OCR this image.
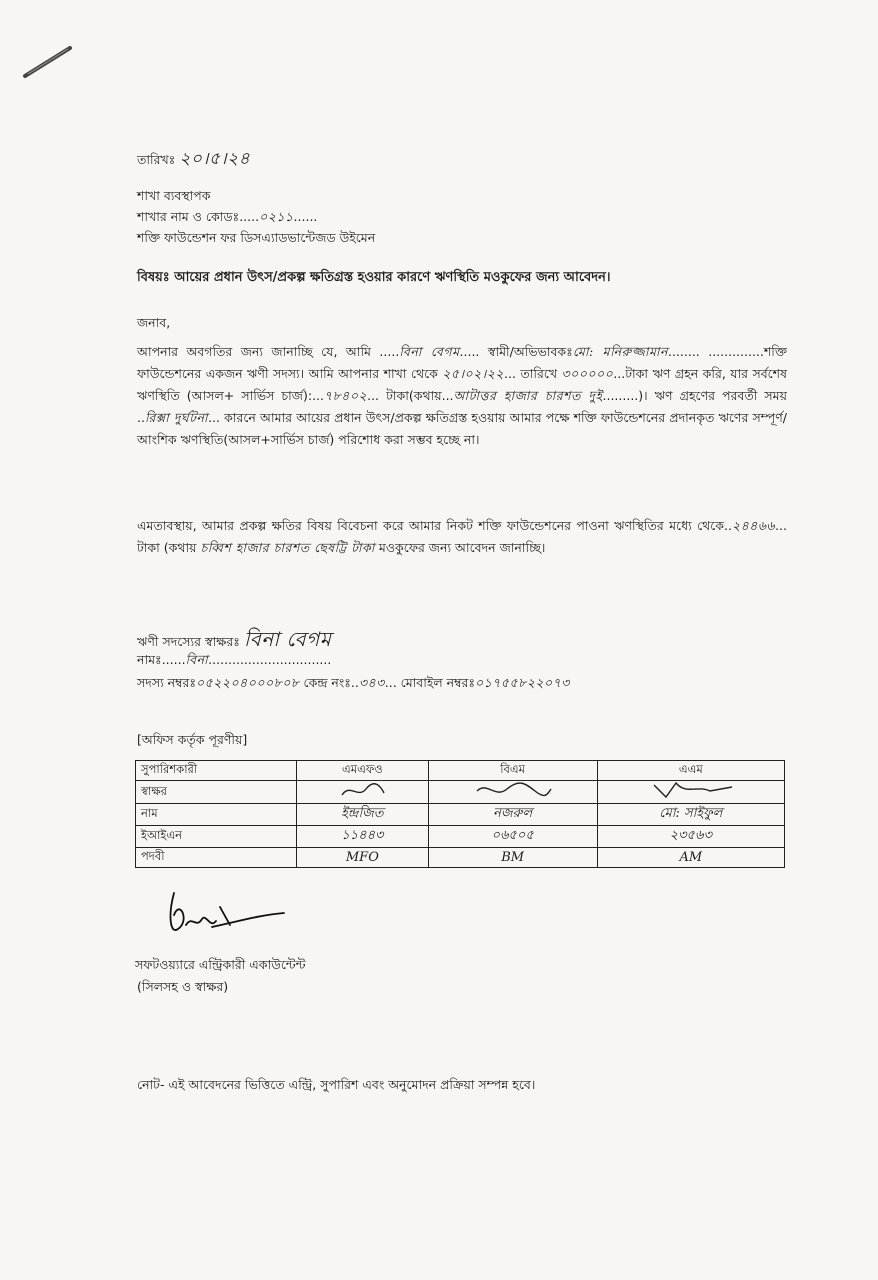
তারিখঃ ২০।৫।২৪
শাখা ব্যবস্থাপক
শাখার নাম ও কোডঃ.....০২১১......
শক্তি ফাউন্ডেশন ফর ডিসএ্যাডভান্টেজড উইমেন
বিষয়ঃ আয়ের প্রধান উৎস/প্রকল্প ক্ষতিগ্রস্ত হওয়ার কারণে ঋণস্থিতি মওকুফের জন্য আবেদন।
জনাব,
আপনার অবগতির জন্য জানাচ্ছি যে, আমি .....বিনা বেগম..... স্বামী/অভিভাবকঃমো: মনিরুজ্জামান........ ..............শক্তি ফাউন্ডেশনের একজন ঋণী সদস্য। আমি আপনার শাখা থেকে ২৫।০২।২২... তারিখে ৩০০০০০...টাকা ঋণ গ্রহন করি, যার সর্বশেষ ঋণস্থিতি (আসল+ সার্ভিস চার্জ):...৭৮৪০২... টাকা(কথায়...আটাত্তর হাজার চারশত দুই.........)। ঋণ গ্রহণের পরবর্তী সময় ..রিক্সা দুর্ঘটনা... কারনে আমার আয়ের প্রধান উৎস/প্রকল্প ক্ষতিগ্রস্ত হওয়ায় আমার পক্ষে শক্তি ফাউন্ডেশনের প্রদানকৃত ঋণের সম্পূর্ণ/আংশিক ঋণস্থিতি(আসল+সার্ভিস চার্জ) পরিশোধ করা সম্ভব হচ্ছে না।
এমতাবস্থায়, আমার প্রকল্প ক্ষতির বিষয় বিবেচনা করে আমার নিকট শক্তি ফাউন্ডেশনের পাওনা ঋণস্থিতির মধ্যে থেকে..২৪৪৬৬... টাকা (কথায় চব্বিশ হাজার চারশত ছেষট্টি টাকা মওকুফের জন্য আবেদন জানাচ্ছি।
ঋণী সদস্যের স্বাক্ষরঃ বিনা বেগম
নামঃ......বিনা...............................
সদস্য নম্বরঃ০৫২২০৪০০০৮০৮ কেন্দ্র নংঃ..৩৪৩... মোবাইল নম্বরঃ০১৭৫৫৮২২০৭৩
[অফিস কর্তৃক পূরণীয়]
সুপারিশকারী	এমএফও	বিএম	এএম
স্বাক্ষর			
নাম	ইন্দ্রজিত	নজরুল	মো: সাইফুল
ইআইএন	১১৪৪৩	০৬৫০৫	২৩৫৬৩
পদবী	MFO	BM	AM
সফটওয়্যারে এন্ট্রিকারী একাউন্টেন্ট
(সিলসহ ও স্বাক্ষর)
নোট- এই আবেদনের ভিত্তিতে এন্ট্রি, সুপারিশ এবং অনুমোদন প্রক্রিয়া সম্পন্ন হবে।
